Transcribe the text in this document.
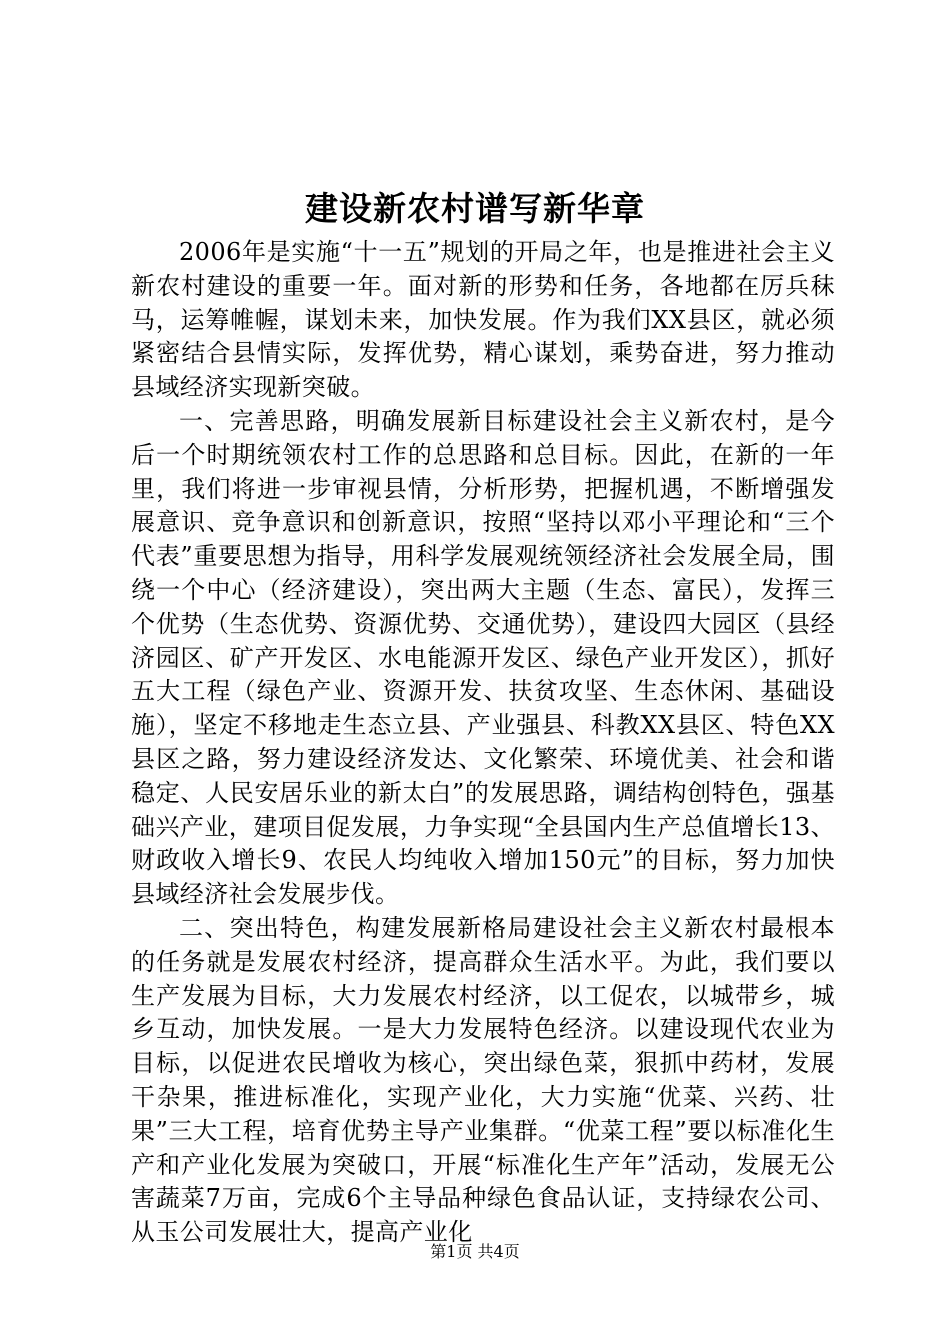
建设新农村谱写新华章

2006年是实施“十一五”规划的开局之年，也是推进社会主义新农村建设的重要一年。面对新的形势和任务，各地都在厉兵秣马，运筹帷幄，谋划未来，加快发展。作为我们XX县区，就必须紧密结合县情实际，发挥优势，精心谋划，乘势奋进，努力推动县域经济实现新突破。

一、完善思路，明确发展新目标建设社会主义新农村，是今后一个时期统领农村工作的总思路和总目标。因此，在新的一年里，我们将进一步审视县情，分析形势，把握机遇，不断增强发展意识、竞争意识和创新意识，按照“坚持以邓小平理论和“三个代表”重要思想为指导，用科学发展观统领经济社会发展全局，围绕一个中心（经济建设），突出两大主题（生态、富民），发挥三个优势（生态优势、资源优势、交通优势），建设四大园区（县经济园区、矿产开发区、水电能源开发区、绿色产业开发区），抓好五大工程（绿色产业、资源开发、扶贫攻坚、生态休闲、基础设施），坚定不移地走生态立县、产业强县、科教XX县区、特色XX县区之路，努力建设经济发达、文化繁荣、环境优美、社会和谐稳定、人民安居乐业的新太白”的发展思路，调结构创特色，强基础兴产业，建项目促发展，力争实现“全县国内生产总值增长13、财政收入增长9、农民人均纯收入增加150元”的目标，努力加快县域经济社会发展步伐。

二、突出特色，构建发展新格局建设社会主义新农村最根本的任务就是发展农村经济，提高群众生活水平。为此，我们要以生产发展为目标，大力发展农村经济，以工促农，以城带乡，城乡互动，加快发展。一是大力发展特色经济。以建设现代农业为目标，以促进农民增收为核心，突出绿色菜，狠抓中药材，发展干杂果，推进标准化，实现产业化，大力实施“优菜、兴药、壮果”三大工程，培育优势主导产业集群。“优菜工程”要以标准化生产和产业化发展为突破口，开展“标准化生产年”活动，发展无公害蔬菜7万亩，完成6个主导品种绿色食品认证，支持绿农公司、从玉公司发展壮大，提高产业化

第1页 共4页
